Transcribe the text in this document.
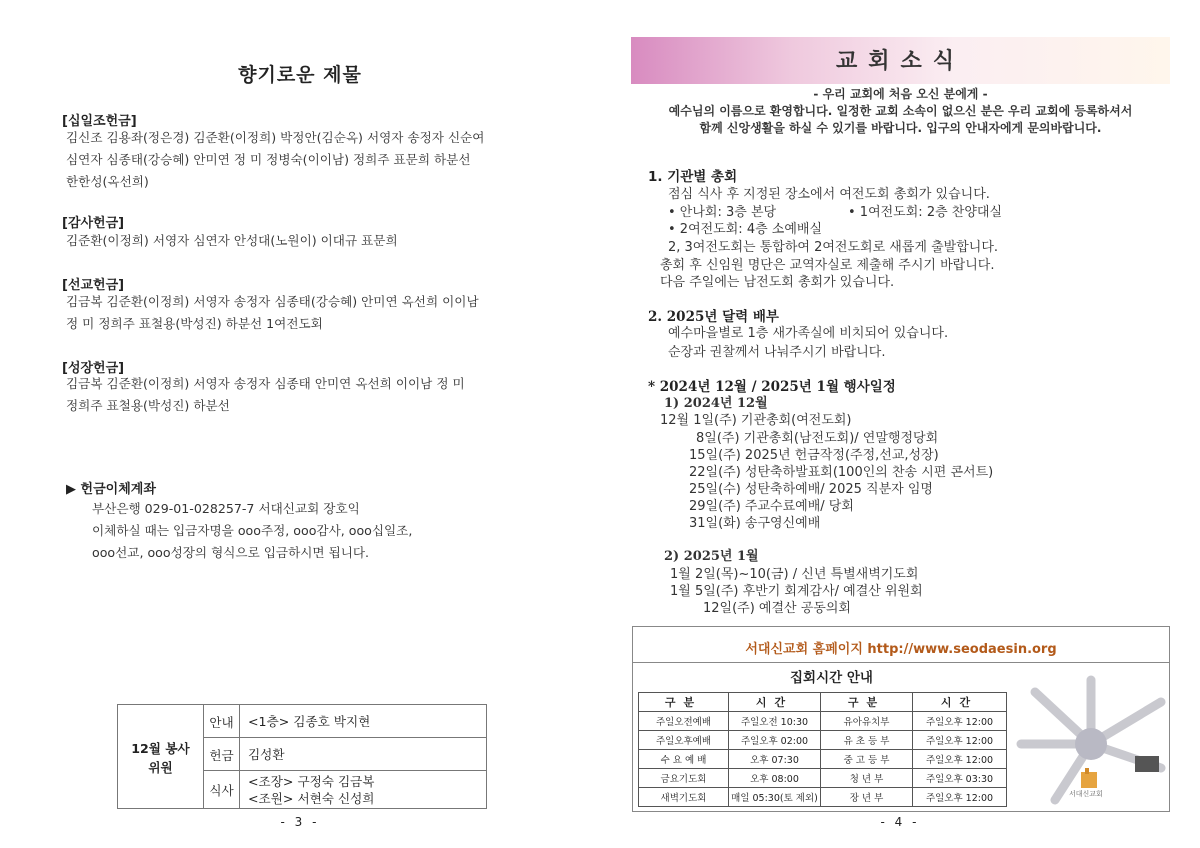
향기로운 제물
[십일조헌금]
김신조 김용좌(정은경) 김준환(이정희) 박정안(김순옥) 서영자 송정자 신순여
심연자 심종태(강승혜) 안미연 정 미 정병숙(이이남) 정희주 표문희 하분선
한한성(옥선희)
[감사헌금]
김준환(이정희) 서영자 심연자 안성대(노원이) 이대규 표문희
[선교헌금]
김금복 김준환(이정희) 서영자 송정자 심종태(강승혜) 안미연 옥선희 이이남
정 미 정희주 표철용(박성진) 하분선 1여전도회
[성장헌금]
김금복 김준환(이정희) 서영자 송정자 심종태 안미연 옥선희 이이남 정 미
정희주 표철용(박성진) 하분선
▶ 헌금이체계좌
부산은행 029-01-028257-7 서대신교회 장호익
이체하실 때는 입금자명을 ooo주정, ooo감사, ooo십일조,
ooo선교, ooo성장의 형식으로 입금하시면 됩니다.
12월 봉사위원	안내	<1층> 김종호 박지현

	헌금	김성환

	식사	<조장> 구정숙 김금복
<조원> 서현숙 신성희
- 3 -
교회소식
- 우리 교회에 처음 오신 분에게 -
예수님의 이름으로 환영합니다. 일정한 교회 소속이 없으신 분은 우리 교회에 등록하셔서
함께 신앙생활을 하실 수 있기를 바랍니다. 입구의 안내자에게 문의바랍니다.
1. 기관별 총회
점심 식사 후 지정된 장소에서 여전도회 총회가 있습니다.
• 안나회: 3층 본당	• 1여전도회: 2층 찬양대실
• 2여전도회: 4층 소예배실
2, 3여전도회는 통합하여 2여전도회로 새롭게 출발합니다.
총회 후 신임원 명단은 교역자실로 제출해 주시기 바랍니다.
다음 주일에는 남전도회 총회가 있습니다.
2. 2025년 달력 배부
예수마을별로 1층 새가족실에 비치되어 있습니다.
순장과 권찰께서 나눠주시기 바랍니다.
* 2024년 12월 / 2025년 1월 행사일정
1) 2024년 12월
12월 1일(주) 기관총회(여전도회)
8일(주) 기관총회(남전도회)/ 연말행정당회
15일(주) 2025년 헌금작정(주정,선교,성장)
22일(주) 성탄축하발표회(100인의 찬송 시편 콘서트)
25일(수) 성탄축하예배/ 2025 직분자 임명
29일(주) 주교수료예배/ 당회
31일(화) 송구영신예배
2) 2025년 1월
1월 2일(목)~10(금) / 신년 특별새벽기도회
1월 5일(주) 후반기 회계감사/ 예결산 위원회
12일(주) 예결산 공동의회
서대신교회 홈페이지 http://www.seodaesin.org
집회시간 안내
구분	시간	구분	시간
주일오전예배	주일오전 10:30	유아유치부	주일오후 12:00
주일오후예배	주일오후 02:00	유 초 등 부	주일오후 12:00
수 요 예 배	오후 07:30	중 고 등 부	주일오후 12:00
금요기도회	오후 08:00	청 년 부	주일오후 03:30
새벽기도회	매일 05:30(토 제외)	장 년 부	주일오후 12:00	서대신교회
- 4 -
